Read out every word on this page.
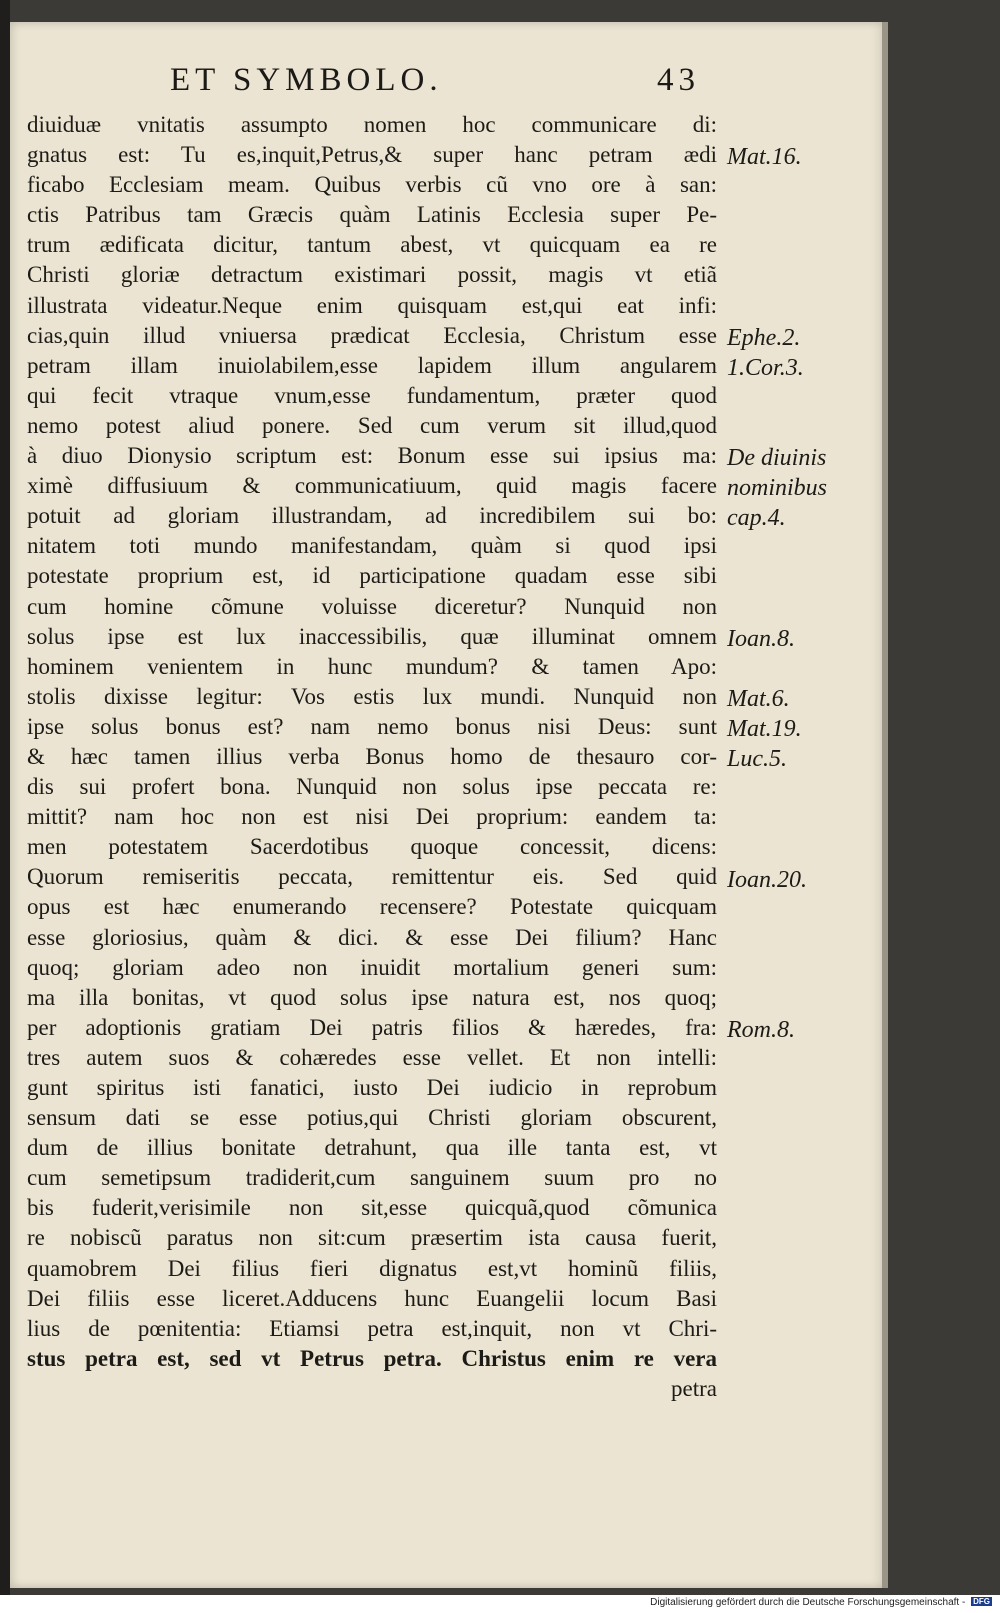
ET SYMBOLO.	43
diuiduæ vnitatis assumpto nomen hoc communicare di:
gnatus est: Tu es,inquit,Petrus,& super hanc petram ædi
ficabo Ecclesiam meam. Quibus verbis cũ vno ore à san:
ctis Patribus tam Græcis quàm Latinis Ecclesia super Pe-
trum ædificata dicitur, tantum abest, vt quicquam ea re
Christi gloriæ detractum existimari possit, magis vt etiã
illustrata videatur.Neque enim quisquam est,qui eat infi:
cias,quin illud vniuersa prædicat Ecclesia, Christum esse
petram illam inuiolabilem,esse lapidem illum angularem
qui fecit vtraque vnum,esse fundamentum, præter quod
nemo potest aliud ponere. Sed cum verum sit illud,quod
à diuo Dionysio scriptum est: Bonum esse sui ipsius ma:
ximè diffusiuum & communicatiuum, quid magis facere
potuit ad gloriam illustrandam, ad incredibilem sui bo:
nitatem toti mundo manifestandam, quàm si quod ipsi
potestate proprium est, id participatione quadam esse sibi
cum homine cõmune voluisse diceretur? Nunquid non
solus ipse est lux inaccessibilis, quæ illuminat omnem
hominem venientem in hunc mundum? & tamen Apo:
stolis dixisse legitur: Vos estis lux mundi. Nunquid non
ipse solus bonus est? nam nemo bonus nisi Deus: sunt
& hæc tamen illius verba Bonus homo de thesauro cor-
dis sui profert bona. Nunquid non solus ipse peccata re:
mittit? nam hoc non est nisi Dei proprium: eandem ta:
men potestatem Sacerdotibus quoque concessit, dicens:
Quorum remiseritis peccata, remittentur eis. Sed quid
opus est hæc enumerando recensere? Potestate quicquam
esse gloriosius, quàm & dici. & esse Dei filium? Hanc
quoq; gloriam adeo non inuidit mortalium generi sum:
ma illa bonitas, vt quod solus ipse natura est, nos quoq;
per adoptionis gratiam Dei patris filios & hæredes, fra:
tres autem suos & cohæredes esse vellet. Et non intelli:
gunt spiritus isti fanatici, iusto Dei iudicio in reprobum
sensum dati se esse potius,qui Christi gloriam obscurent,
dum de illius bonitate detrahunt, qua ille tanta est, vt
cum semetipsum tradiderit,cum sanguinem suum pro no
bis fuderit,verisimile non sit,esse quicquã,quod cõmunica
re nobiscũ paratus non sit:cum præsertim ista causa fuerit,
quamobrem Dei filius fieri dignatus est,vt hominũ filiis,
Dei filiis esse liceret.Adducens hunc Euangelii locum Basi
lius de pœnitentia: Etiamsi petra est,inquit, non vt Chri-
stus petra est, sed vt Petrus petra. Christus enim re vera
petra
Mat.16.
Ephe.2.
1.Cor.3.
De diuinis
nominibus
cap.4.
Ioan.8.
Mat.6.
Mat.19.
Luc.5.
Ioan.20.
Rom.8.
Digitalisierung gefördert durch die Deutsche Forschungsgemeinschaft - DFG
